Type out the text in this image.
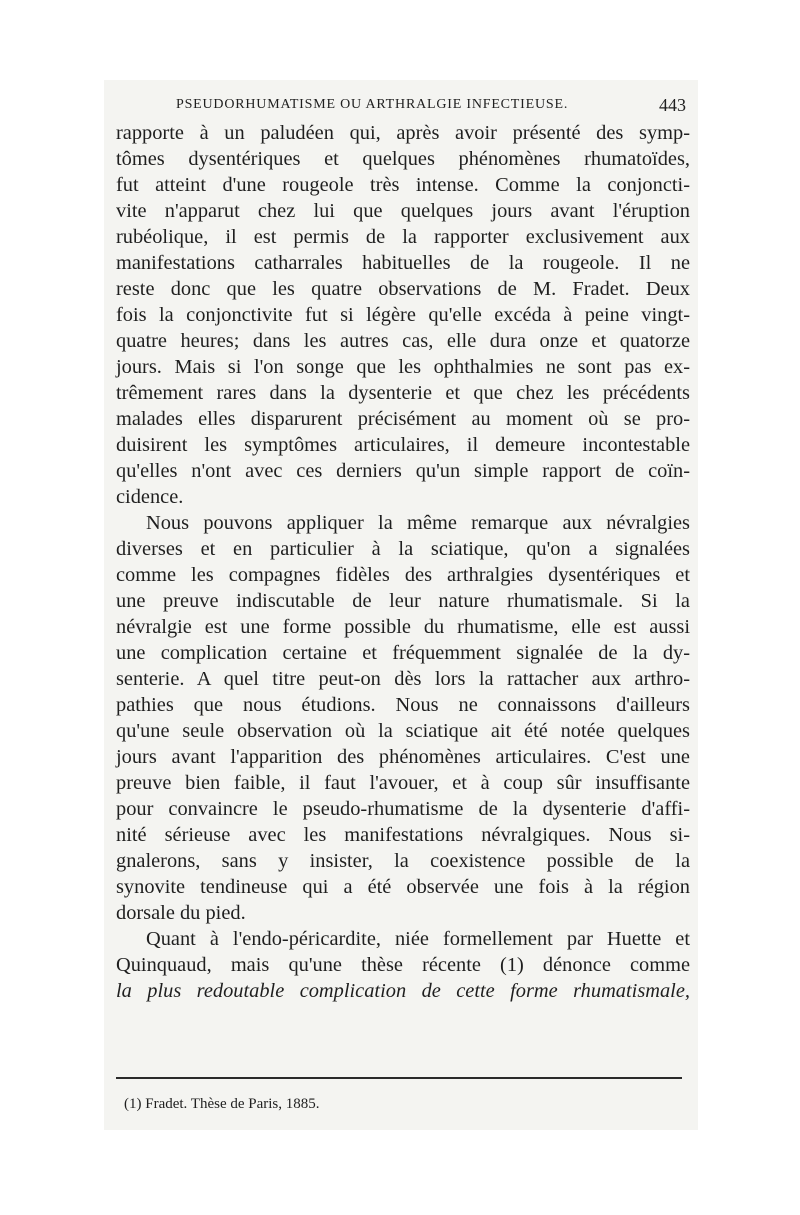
PSEUDORHUMATISME OU ARTHRALGIE INFECTIEUSE.	443
rapporte à un paludéen qui, après avoir présenté des symp-
tômes dysentériques et quelques phénomènes rhumatoïdes,
fut atteint d'une rougeole très intense. Comme la conjoncti-
vite n'apparut chez lui que quelques jours avant l'éruption
rubéolique, il est permis de la rapporter exclusivement aux
manifestations catharrales habituelles de la rougeole. Il ne
reste donc que les quatre observations de M. Fradet. Deux
fois la conjonctivite fut si légère qu'elle excéda à peine vingt-
quatre heures; dans les autres cas, elle dura onze et quatorze
jours. Mais si l'on songe que les ophthalmies ne sont pas ex-
trêmement rares dans la dysenterie et que chez les précédents
malades elles disparurent précisément au moment où se pro-
duisirent les symptômes articulaires, il demeure incontestable
qu'elles n'ont avec ces derniers qu'un simple rapport de coïn-
cidence.
Nous pouvons appliquer la même remarque aux névralgies
diverses et en particulier à la sciatique, qu'on a signalées
comme les compagnes fidèles des arthralgies dysentériques et
une preuve indiscutable de leur nature rhumatismale. Si la
névralgie est une forme possible du rhumatisme, elle est aussi
une complication certaine et fréquemment signalée de la dy-
senterie. A quel titre peut-on dès lors la rattacher aux arthro-
pathies que nous étudions. Nous ne connaissons d'ailleurs
qu'une seule observation où la sciatique ait été notée quelques
jours avant l'apparition des phénomènes articulaires. C'est une
preuve bien faible, il faut l'avouer, et à coup sûr insuffisante
pour convaincre le pseudo-rhumatisme de la dysenterie d'affi-
nité sérieuse avec les manifestations névralgiques. Nous si-
gnalerons, sans y insister, la coexistence possible de la
synovite tendineuse qui a été observée une fois à la région
dorsale du pied.
Quant à l'endo-péricardite, niée formellement par Huette et
Quinquaud, mais qu'une thèse récente (1) dénonce comme
la plus redoutable complication de cette forme rhumatismale,
(1) Fradet. Thèse de Paris, 1885.
